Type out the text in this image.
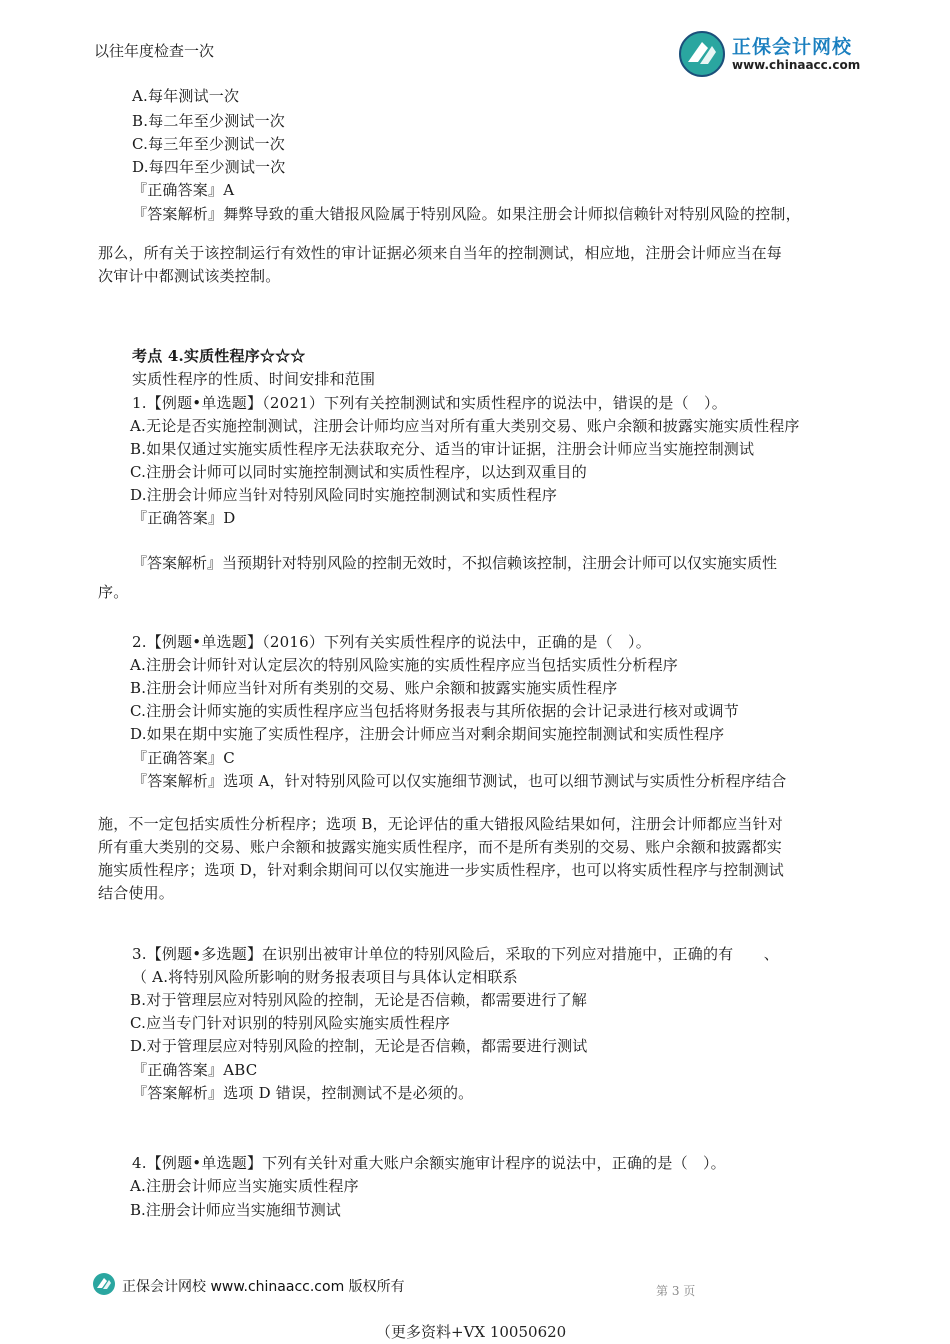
以往年度检查一次	正保会计网校
www.chinaacc.com
A.每年测试一次
B.每二年至少测试一次
C.每三年至少测试一次
D.每四年至少测试一次
『正确答案』A
『答案解析』舞弊导致的重大错报风险属于特别风险。如果注册会计师拟信赖针对特别风险的控制，
那么，所有关于该控制运行有效性的审计证据必须来自当年的控制测试，相应地，注册会计师应当在每
次审计中都测试该类控制。
考点 4.实质性程序☆☆☆
实质性程序的性质、时间安排和范围
1.【例题•单选题】（2021）下列有关控制测试和实质性程序的说法中，错误的是（　）。
A.无论是否实施控制测试，注册会计师均应当对所有重大类别交易、账户余额和披露实施实质性程序
B.如果仅通过实施实质性程序无法获取充分、适当的审计证据，注册会计师应当实施控制测试
C.注册会计师可以同时实施控制测试和实质性程序，以达到双重目的
D.注册会计师应当针对特别风险同时实施控制测试和实质性程序
『正确答案』D
『答案解析』当预期针对特别风险的控制无效时，不拟信赖该控制，注册会计师可以仅实施实质性
序。
2.【例题•单选题】（2016）下列有关实质性程序的说法中，正确的是（　）。
A.注册会计师针对认定层次的特别风险实施的实质性程序应当包括实质性分析程序
B.注册会计师应当针对所有类别的交易、账户余额和披露实施实质性程序
C.注册会计师实施的实质性程序应当包括将财务报表与其所依据的会计记录进行核对或调节
D.如果在期中实施了实质性程序，注册会计师应当对剩余期间实施控制测试和实质性程序
『正确答案』C
『答案解析』选项 A，针对特别风险可以仅实施细节测试，也可以细节测试与实质性分析程序结合
施，不一定包括实质性分析程序；选项 B，无论评估的重大错报风险结果如何，注册会计师都应当针对
所有重大类别的交易、账户余额和披露实施实质性程序，而不是所有类别的交易、账户余额和披露都实
施实质性程序；选项 D，针对剩余期间可以仅实施进一步实质性程序，也可以将实质性程序与控制测试
结合使用。
3.【例题•多选题】在识别出被审计单位的特别风险后，采取的下列应对措施中，正确的有　　、
（ A.将特别风险所影响的财务报表项目与具体认定相联系
B.对于管理层应对特别风险的控制，无论是否信赖，都需要进行了解
C.应当专门针对识别的特别风险实施实质性程序
D.对于管理层应对特别风险的控制，无论是否信赖，都需要进行测试
『正确答案』ABC
『答案解析』选项 D 错误，控制测试不是必须的。
4.【例题•单选题】下列有关针对重大账户余额实施审计程序的说法中，正确的是（　）。
A.注册会计师应当实施实质性程序
B.注册会计师应当实施细节测试
正保会计网校 www.chinaacc.com 版权所有	第 3 页
（更多资料+VX 10050620
